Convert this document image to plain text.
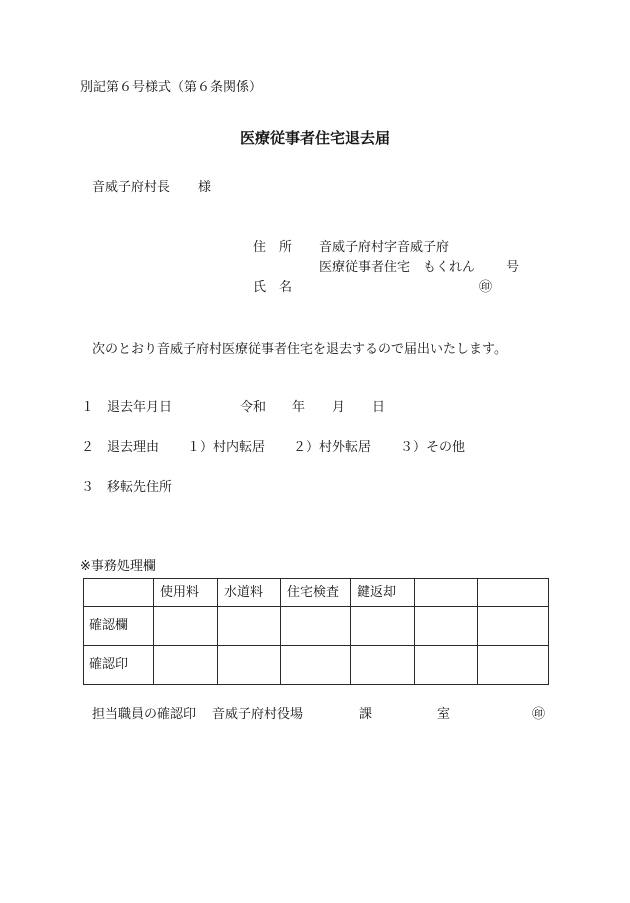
別記第６号様式（第６条関係）
医療従事者住宅退去届
音威子府村長 様
住　所 音威子府村字音威子府
医療従事者住宅　もくれん 号
氏　名	㊞
次のとおり音威子府村医療従事者住宅を退去するので届出いたします。
１ 退去年月日	令和 年 月 日
２ 退去理由 １）村内転居 ２）村外転居 ３）その他
３ 移転先住所
※事務処理欄
	使用料	水道料	住宅検査	鍵返却		
確認欄						
確認印						
担当職員の確認印 音威子府村役場	課	室	㊞
